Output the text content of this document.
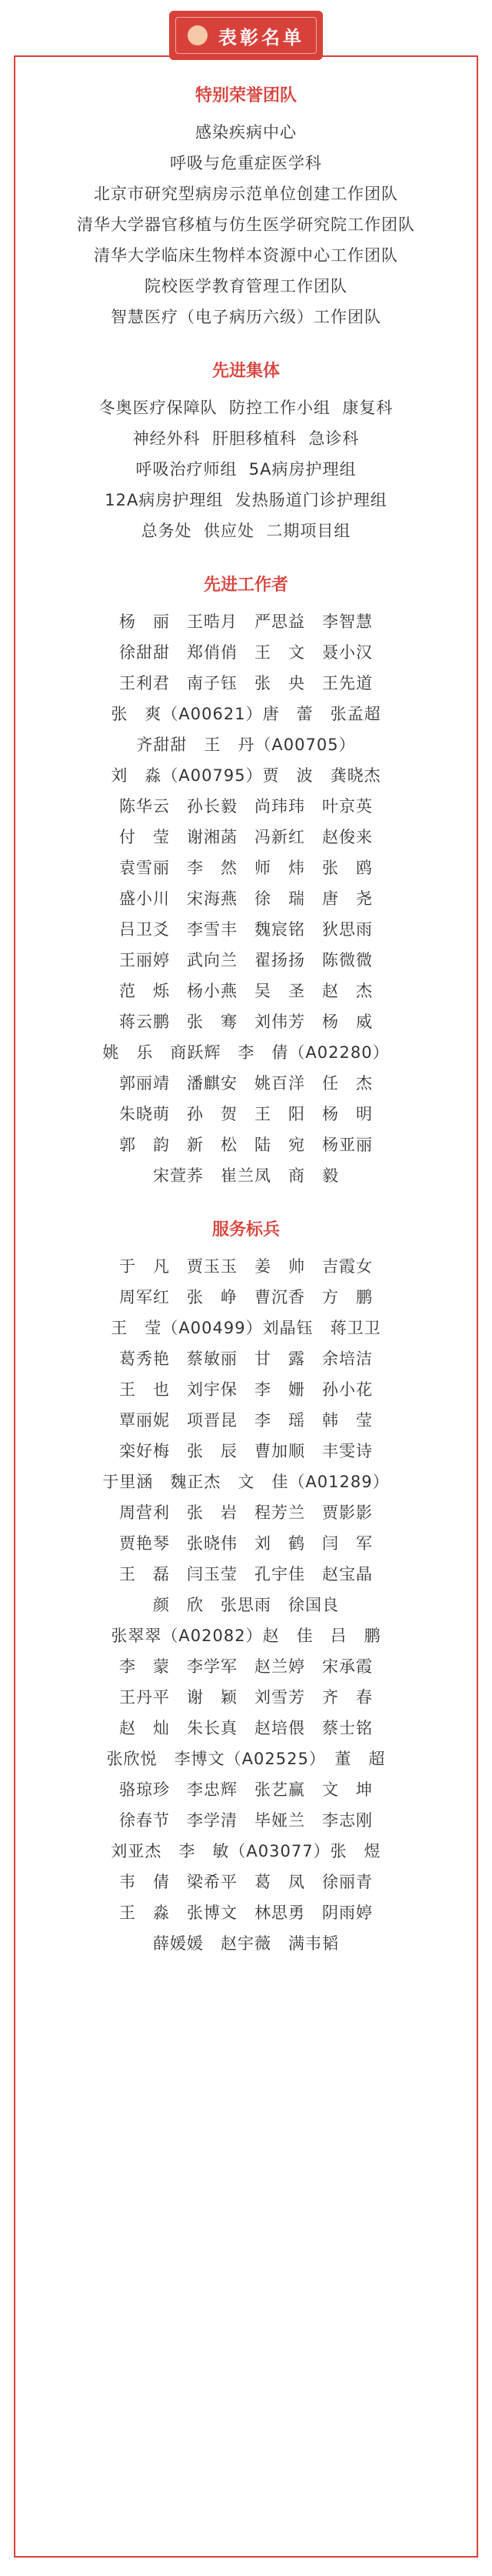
表彰名单
特别荣誉团队
感染疾病中心
呼吸与危重症医学科
北京市研究型病房示范单位创建工作团队
清华大学器官移植与仿生医学研究院工作团队
清华大学临床生物样本资源中心工作团队
院校医学教育管理工作团队
智慧医疗（电子病历六级）工作团队
先进集体
冬奥医疗保障队  防控工作小组  康复科
神经外科  肝胆移植科  急诊科
呼吸治疗师组  5A病房护理组
12A病房护理组  发热肠道门诊护理组
总务处  供应处  二期项目组
先进工作者
杨　丽　王晧月　严思益　李智慧
徐甜甜　郑俏俏　王　文　聂小汉
王利君　南子钰　张　央　王先道
张　爽（A00621）唐　蕾　张孟超
齐甜甜　王　丹（A00705）
刘　淼（A00795）贾　波　龚晓杰
陈华云　孙长毅　尚玮玮　叶京英
付　莹　谢湘菡　冯新红　赵俊来
袁雪丽　李　然　师　炜　张　鸥
盛小川　宋海燕　徐　瑞　唐　尧
吕卫爻　李雪丰　魏宸铭　狄思雨
王丽婷　武向兰　翟扬扬　陈微微
范　烁　杨小燕　吴　圣　赵　杰
蒋云鹏　张　骞　刘伟芳　杨　威
姚　乐　商跃辉　李　倩（A02280）
郭丽靖　潘麒安　姚百洋　任　杰
朱晓萌　孙　贺　王　阳　杨　明
郭　韵　新　松　陆　宛　杨亚丽
宋萱荞　崔兰凤　商　毅
服务标兵
于　凡　贾玉玉　姜　帅　吉霞女
周军红　张　峥　曹沉香　方　鹏
王　莹（A00499）刘晶钰　蒋卫卫
葛秀艳　蔡敏丽　甘　露　余培洁
王　也　刘宇保　李　姗　孙小花
覃丽妮　项晋昆　李　瑶　韩　莹
栾好梅　张　辰　曹加顺　丰雯诗
于里涵　魏正杰　文　佳（A01289）
周营利　张　岩　程芳兰　贾影影
贾艳琴　张晓伟　刘　鹤　闫　军
王　磊　闫玉莹　孔宇佳　赵宝晶
颜　欣　张思雨　徐国良
张翠翠（A02082）赵　佳　吕　鹏
李　蒙　李学军　赵兰婷　宋承霞
王丹平　谢　颖　刘雪芳　齐　春
赵　灿　朱长真　赵培偎　蔡士铭
张欣悦　李博文（A02525）　董　超
骆琼珍　李忠辉　张艺赢　文　坤
徐春节　李学清　毕娅兰　李志刚
刘亚杰　李　敏（A03077）张　煜
韦　倩　梁希平　葛　凤　徐丽青
王　淼　张博文　林思勇　阴雨婷
薛媛媛　赵宇薇　满韦韬
